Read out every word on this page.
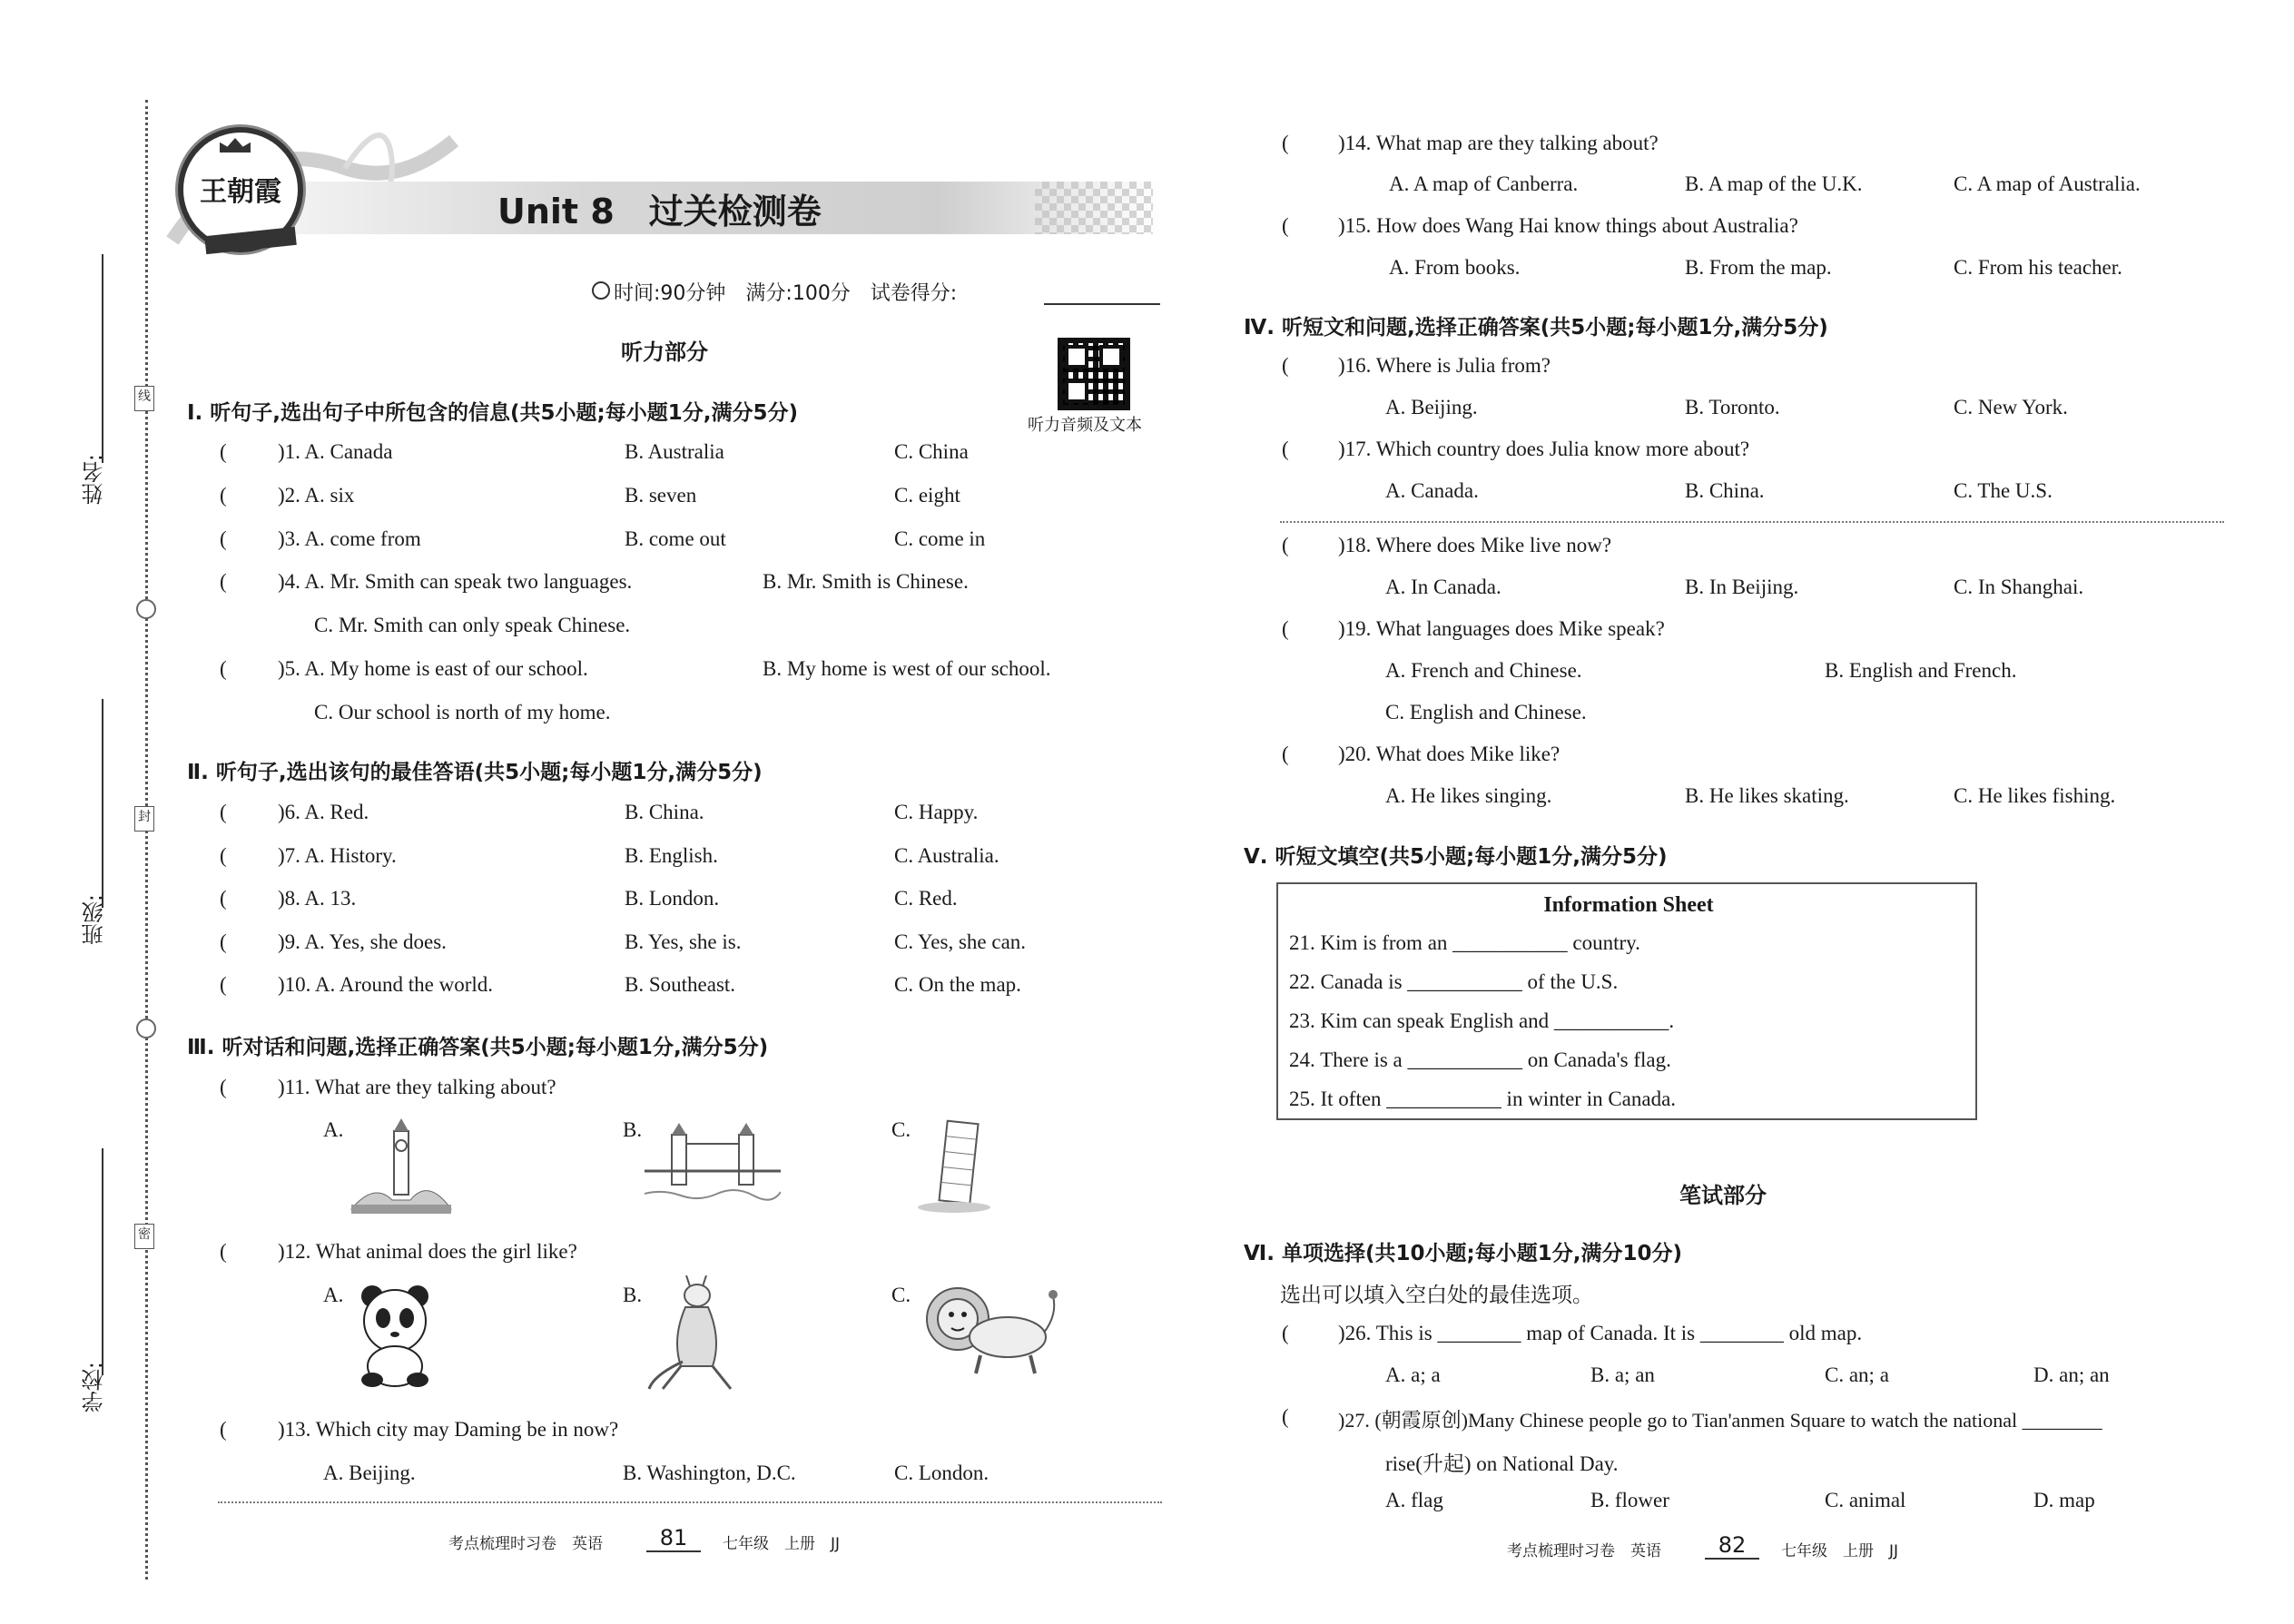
线
封
密
姓名:
班级:
学校:
王朝霞	Unit 8　过关检测卷
时间:90分钟　满分:100分　试卷得分:
听力部分
听力音频及文本
Ⅰ. 听句子,选出句子中所包含的信息(共5小题;每小题1分,满分5分)
( )1. A. Canada	B. Australia	C. China
( )2. A. six	B. seven	C. eight
( )3. A. come from	B. come out	C. come in
( )4. A. Mr. Smith can speak two languages.	B. Mr. Smith is Chinese.
C. Mr. Smith can only speak Chinese.
( )5. A. My home is east of our school.	B. My home is west of our school.
C. Our school is north of my home.
Ⅱ. 听句子,选出该句的最佳答语(共5小题;每小题1分,满分5分)
( )6. A. Red.	B. China.	C. Happy.
( )7. A. History.	B. English.	C. Australia.
( )8. A. 13.	B. London.	C. Red.
( )9. A. Yes, she does.	B. Yes, she is.	C. Yes, she can.
( )10. A. Around the world.	B. Southeast.	C. On the map.
Ⅲ. 听对话和问题,选择正确答案(共5小题;每小题1分,满分5分)
( )11. What are they talking about?
A.	B.	C.
( )12. What animal does the girl like?
A.	B.	C.
( )13. Which city may Daming be in now?
A. Beijing.	B. Washington, D.C.	C. London.
考点梳理时习卷　英语	81	七年级　上册　JJ
( )14. What map are they talking about?
A. A map of Canberra.	B. A map of the U.K.	C. A map of Australia.
( )15. How does Wang Hai know things about Australia?
A. From books.	B. From the map.	C. From his teacher.
Ⅳ. 听短文和问题,选择正确答案(共5小题;每小题1分,满分5分)
( )16. Where is Julia from?
A. Beijing.	B. Toronto.	C. New York.
( )17. Which country does Julia know more about?
A. Canada.	B. China.	C. The U.S.
( )18. Where does Mike live now?
A. In Canada.	B. In Beijing.	C. In Shanghai.
( )19. What languages does Mike speak?
A. French and Chinese.	B. English and French.
C. English and Chinese.
( )20. What does Mike like?
A. He likes singing.	B. He likes skating.	C. He likes fishing.
Ⅴ. 听短文填空(共5小题;每小题1分,满分5分)
Information Sheet
21. Kim is from an ___________ country.
22. Canada is ___________ of the U.S.
23. Kim can speak English and ___________.
24. There is a ___________ on Canada's flag.
25. It often ___________ in winter in Canada.
笔试部分
Ⅵ. 单项选择(共10小题;每小题1分,满分10分)
选出可以填入空白处的最佳选项。
( )26. This is ________ map of Canada. It is ________ old map.
A. a; a	B. a; an	C. an; a	D. an; an
( )27. (朝霞原创)Many Chinese people go to Tian'anmen Square to watch the national ________
rise(升起) on National Day.
A. flag	B. flower	C. animal	D. map
考点梳理时习卷　英语	82	七年级　上册　JJ
